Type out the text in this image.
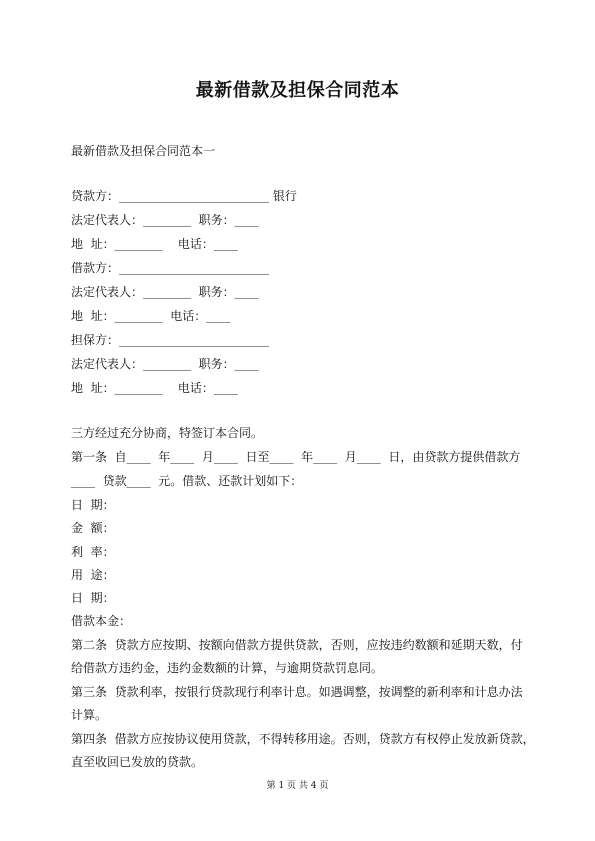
最新借款及担保合同范本
最新借款及担保合同范本一
贷款方：_________________________ 银行
法定代表人：________  职务：____
地  址：________    电话：____
借款方：_________________________
法定代表人：________  职务：____
地  址：________  电话：____
担保方：_________________________
法定代表人：________  职务：____
地  址：________    电话：____
三方经过充分协商，特签订本合同。
第一条  自____  年____  月____  日至____  年____  月____  日，由贷款方提供借款方
____  贷款____  元。借款、还款计划如下：
日  期：
金  额：
利  率：
用  途：
日  期：
借款本金：
第二条  贷款方应按期、按额向借款方提供贷款，否则，应按违约数额和延期天数，付
给借款方违约金，违约金数额的计算，与逾期贷款罚息同。
第三条  贷款利率，按银行贷款现行利率计息。如遇调整，按调整的新利率和计息办法
计算。
第四条  借款方应按协议使用贷款，不得转移用途。否则，贷款方有权停止发放新贷款，
直至收回已发放的贷款。
第 1 页 共 4 页
